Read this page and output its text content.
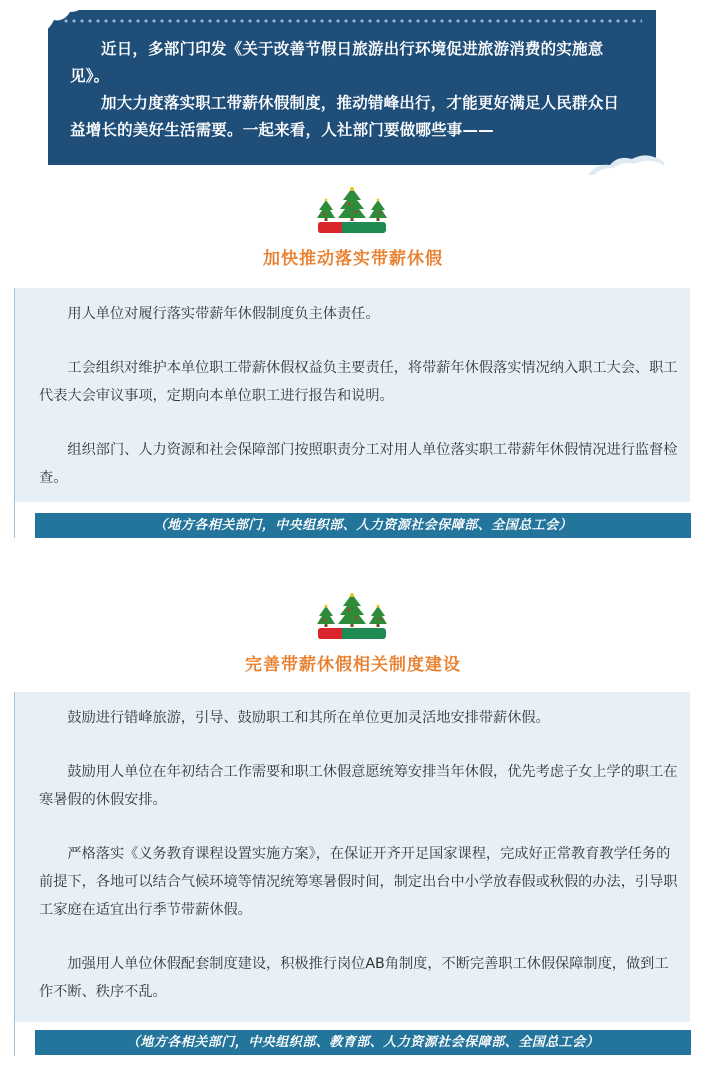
近日，多部门印发《关于改善节假日旅游出行环境促进旅游消费的实施意见》。

加大力度落实职工带薪休假制度，推动错峰出行，才能更好满足人民群众日益增长的美好生活需要。一起来看，人社部门要做哪些事——

加快推动落实带薪休假

用人单位对履行落实带薪年休假制度负主体责任。

工会组织对维护本单位职工带薪休假权益负主要责任，将带薪年休假落实情况纳入职工大会、职工代表大会审议事项，定期向本单位职工进行报告和说明。

组织部门、人力资源和社会保障部门按照职责分工对用人单位落实职工带薪年休假情况进行监督检查。

（地方各相关部门，中央组织部、人力资源社会保障部、全国总工会）
完善带薪休假相关制度建设

鼓励进行错峰旅游，引导、鼓励职工和其所在单位更加灵活地安排带薪休假。

鼓励用人单位在年初结合工作需要和职工休假意愿统筹安排当年休假，优先考虑子女上学的职工在寒暑假的休假安排。

严格落实《义务教育课程设置实施方案》，在保证开齐开足国家课程，完成好正常教育教学任务的前提下，各地可以结合气候环境等情况统筹寒暑假时间，制定出台中小学放春假或秋假的办法，引导职工家庭在适宜出行季节带薪休假。

加强用人单位休假配套制度建设，积极推行岗位AB角制度，不断完善职工休假保障制度，做到工作不断、秩序不乱。

（地方各相关部门，中央组织部、教育部、人力资源社会保障部、全国总工会）
